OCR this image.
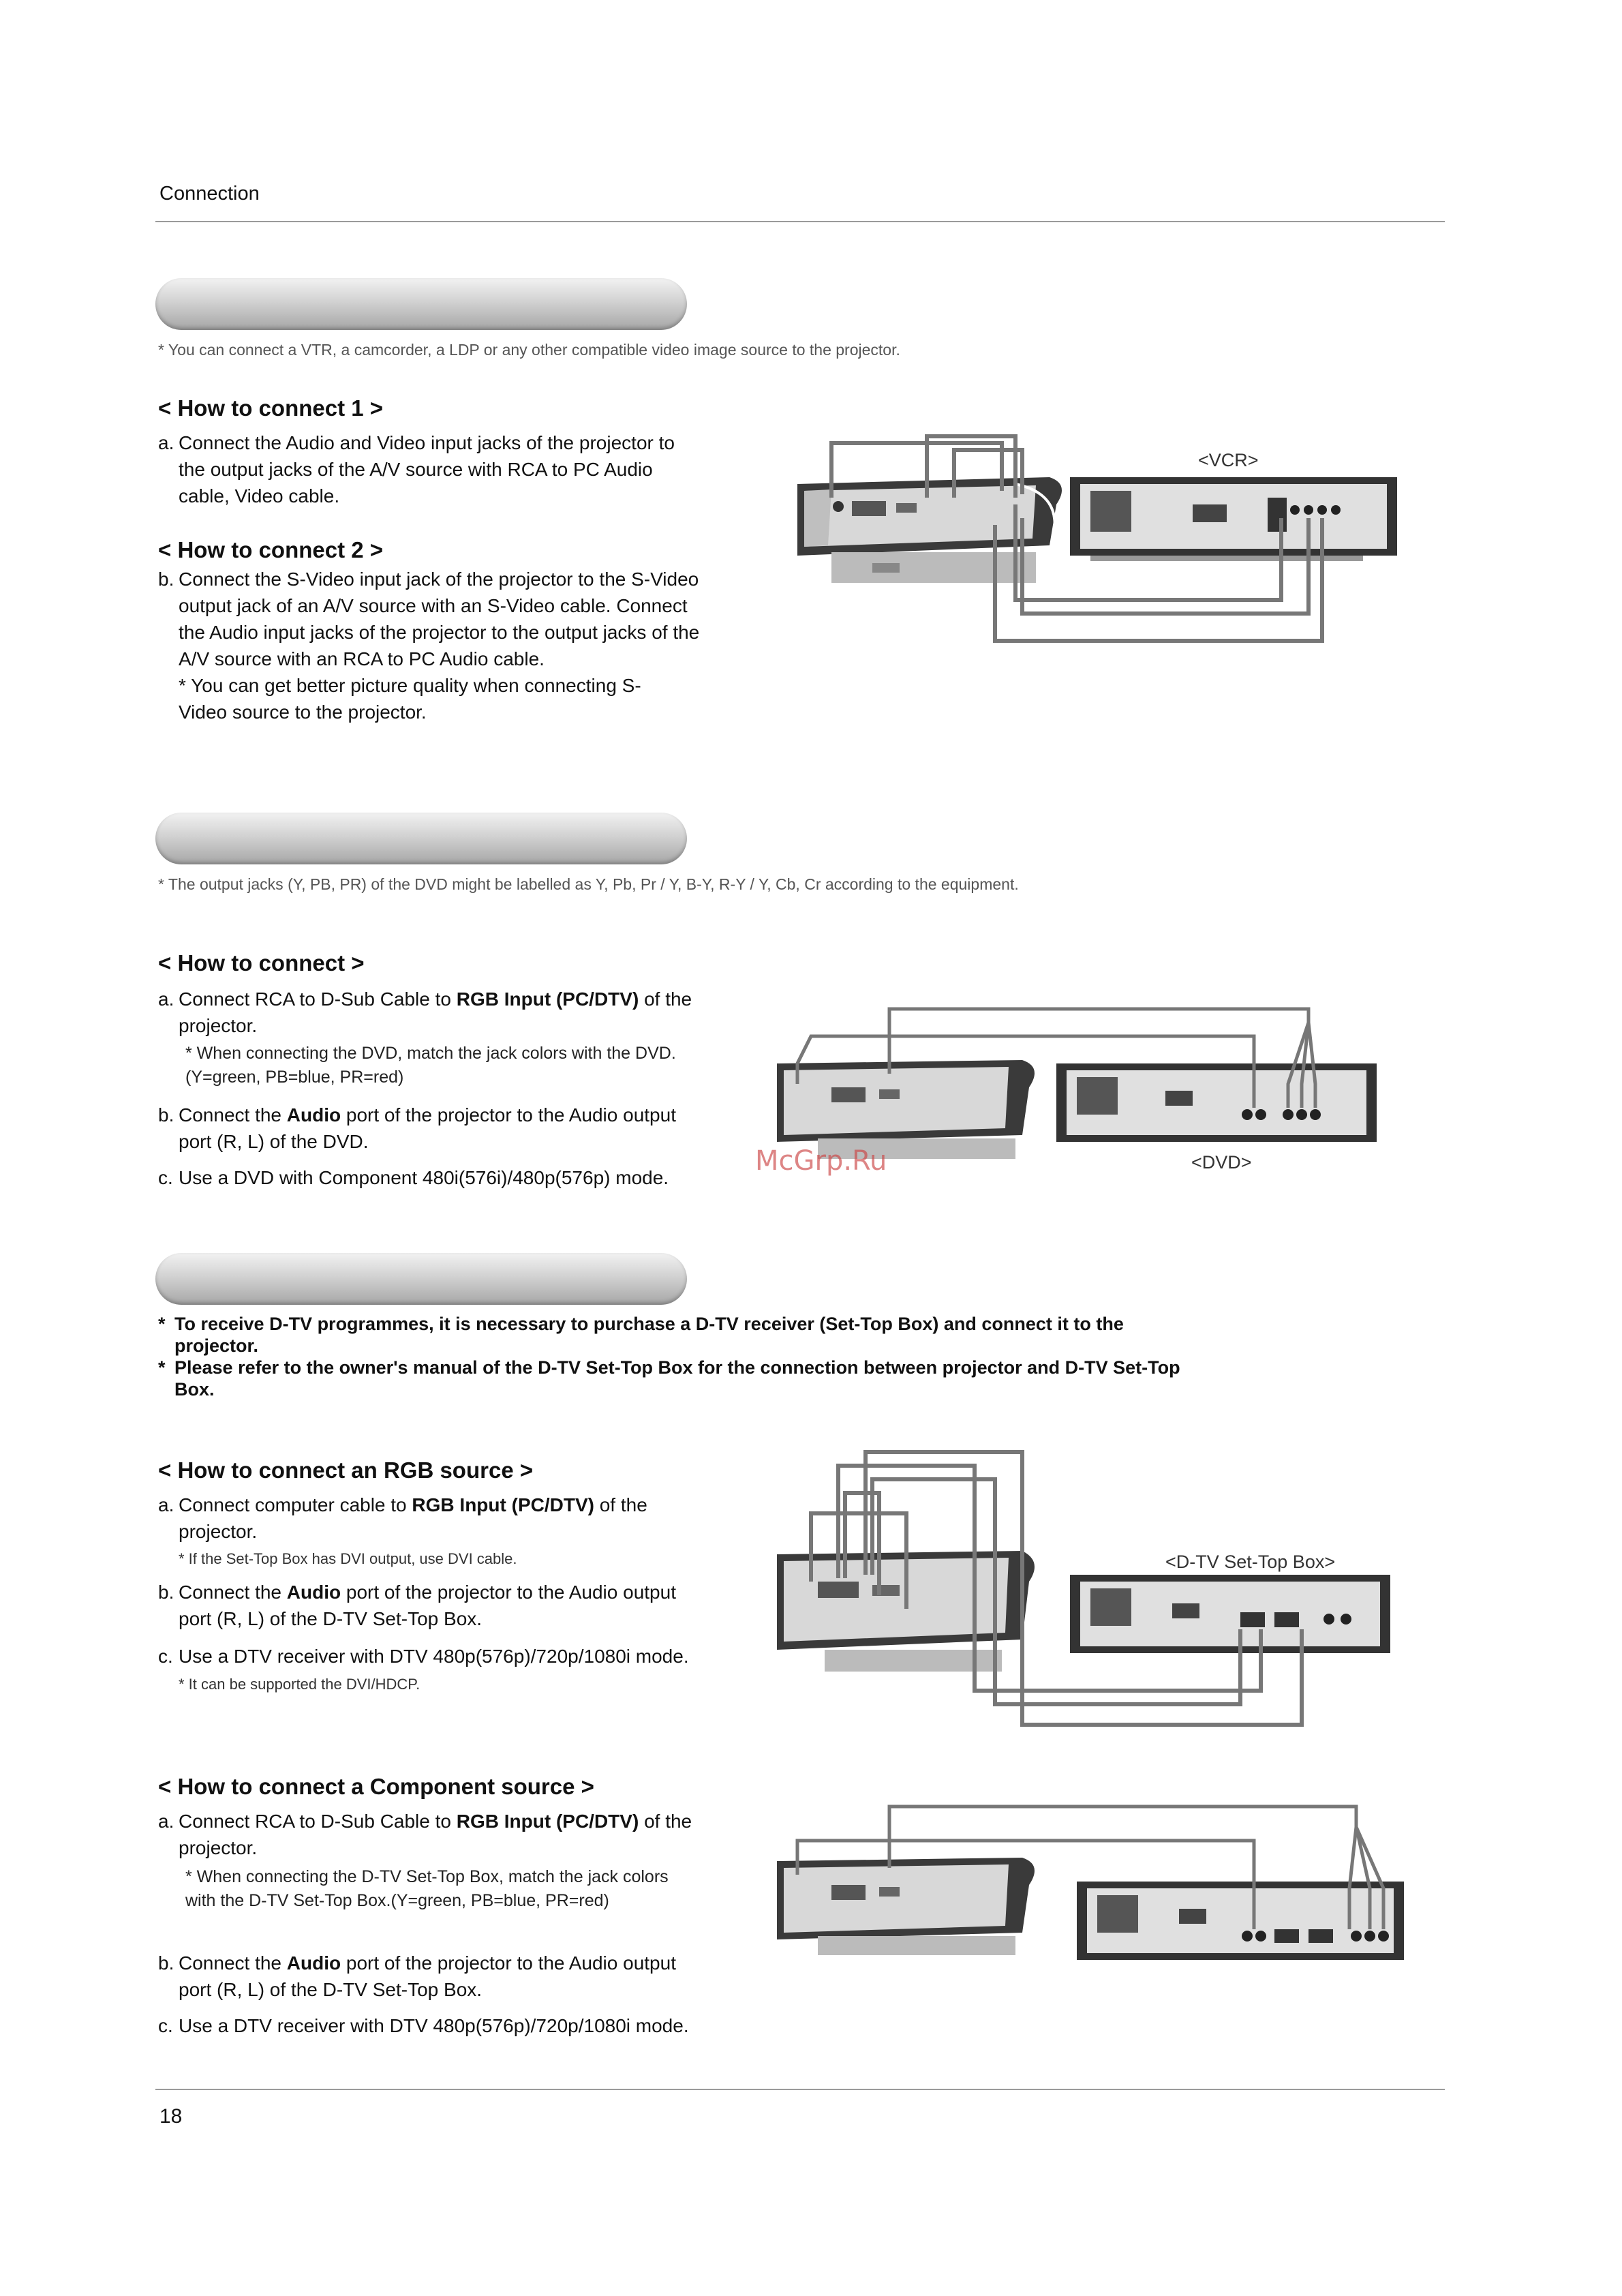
Connection
* You can connect a VTR, a camcorder, a LDP or any other compatible video image source to the projector.
< How to connect 1 >
a. Connect the Audio and Video input jacks of the projector to the output jacks of the A/V source with RCA to PC Audio cable, Video cable.
< How to connect 2 >
b. Connect the S-Video input jack of the projector to the S-Video output jack of an A/V source with an S-Video cable. Connect the Audio input jacks of the projector to the output jacks of the A/V source with an RCA to PC Audio cable.
* You can get better picture quality when connecting S-Video source to the projector.
<VCR>
* The output jacks (Y, PB, PR) of the DVD might be labelled as Y, Pb, Pr / Y, B-Y, R-Y / Y, Cb, Cr according to the equipment.
< How to connect >
a. Connect RCA to D-Sub Cable to RGB Input (PC/DTV) of the projector.
* When connecting the DVD, match the jack colors with the DVD.(Y=green, PB=blue, PR=red)
b. Connect the Audio port of the projector to the Audio output port (R, L) of the DVD.
c. Use a DVD with Component 480i(576i)/480p(576p) mode.
<DVD>
McGrp.Ru
* To receive D-TV programmes, it is necessary to purchase a D-TV receiver (Set-Top Box) and connect it to the projector.
* Please refer to the owner's manual of the D-TV Set-Top Box for the connection between projector and D-TV Set-Top Box.
< How to connect an RGB source >
a. Connect computer cable to RGB Input (PC/DTV) of the projector.
* If the Set-Top Box has DVI output, use DVI cable.
b. Connect the Audio port of the projector to the Audio output port (R, L) of the D-TV Set-Top Box.
c. Use a DTV receiver with DTV 480p(576p)/720p/1080i mode.
* It can be supported the DVI/HDCP.
<D-TV Set-Top Box>
< How to connect a Component source >
a. Connect RCA to D-Sub Cable to RGB Input (PC/DTV) of the projector.
* When connecting the D-TV Set-Top Box, match the jack colors with the D-TV Set-Top Box.(Y=green, PB=blue, PR=red)
b. Connect the Audio port of the projector to the Audio output port (R, L) of the D-TV Set-Top Box.
c. Use a DTV receiver with DTV 480p(576p)/720p/1080i mode.
18
